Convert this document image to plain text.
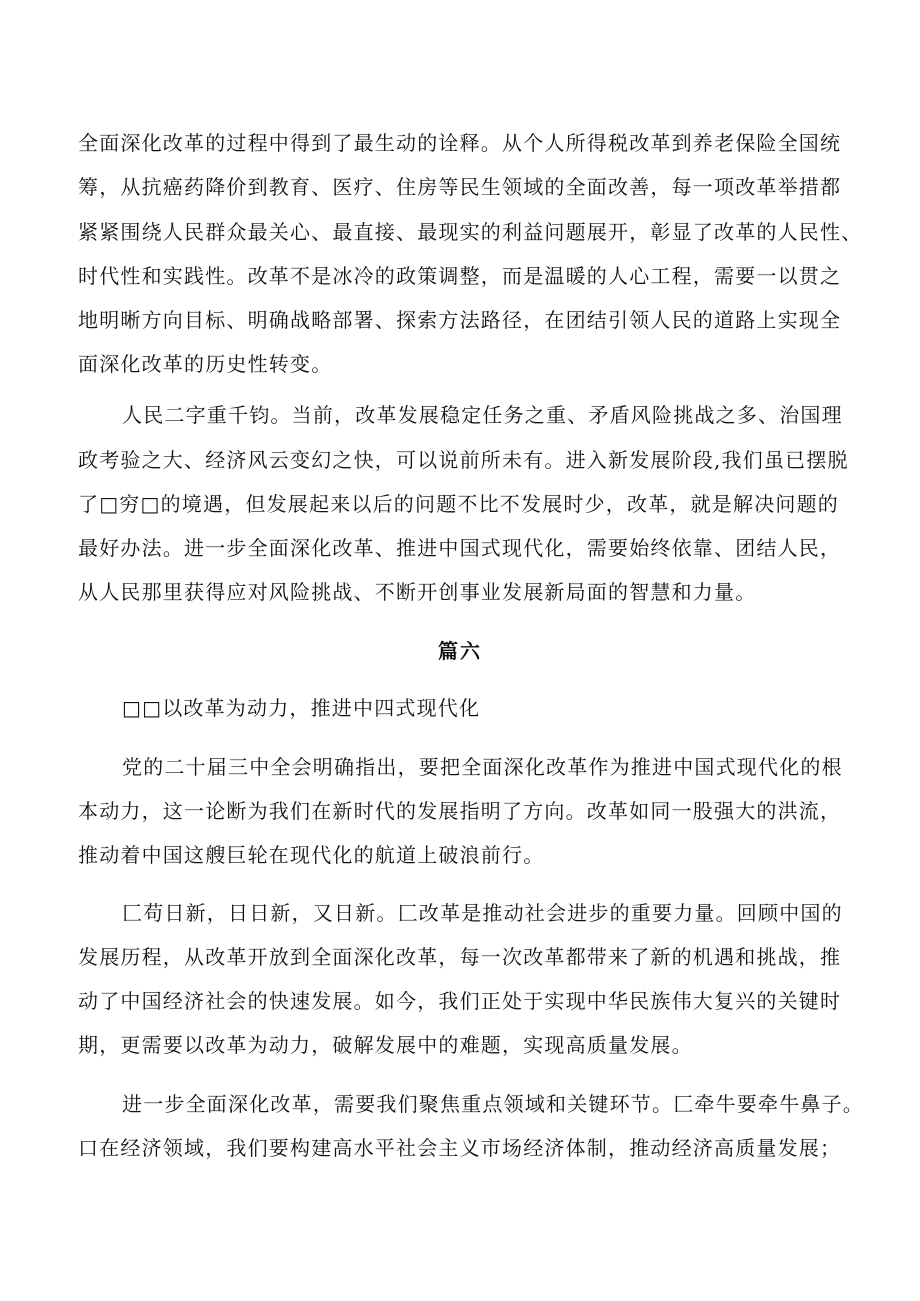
全面深化改革的过程中得到了最生动的诠释。从个人所得税改革到养老保险全国统
筹，从抗癌药降价到教育、医疗、住房等民生领域的全面改善，每一项改革举措都
紧紧围绕人民群众最关心、最直接、最现实的利益问题展开，彰显了改革的人民性、
时代性和实践性。改革不是冰冷的政策调整，而是温暖的人心工程，需要一以贯之
地明晰方向目标、明确战略部署、探索方法路径，在团结引领人民的道路上实现全
面深化改革的历史性转变。
人民二字重千钧。当前，改革发展稳定任务之重、矛盾风险挑战之多、治国理
政考验之大、经济风云变幻之快，可以说前所未有。进入新发展阶段,我们虽已摆脱
了□穷□的境遇，但发展起来以后的问题不比不发展时少，改革，就是解决问题的
最好办法。进一步全面深化改革、推进中国式现代化，需要始终依靠、团结人民，
从人民那里获得应对风险挑战、不断开创事业发展新局面的智慧和力量。
篇六
□□以改革为动力，推进中四式现代化
党的二十届三中全会明确指出，要把全面深化改革作为推进中国式现代化的根
本动力，这一论断为我们在新时代的发展指明了方向。改革如同一股强大的洪流，
推动着中国这艘巨轮在现代化的航道上破浪前行。
匚苟日新，日日新，又日新。匚改革是推动社会进步的重要力量。回顾中国的
发展历程，从改革开放到全面深化改革，每一次改革都带来了新的机遇和挑战，推
动了中国经济社会的快速发展。如今，我们正处于实现中华民族伟大复兴的关键时
期，更需要以改革为动力，破解发展中的难题，实现高质量发展。
进一步全面深化改革，需要我们聚焦重点领域和关键环节。匚牵牛要牵牛鼻子。
口在经济领域，我们要构建高水平社会主义市场经济体制，推动经济高质量发展；
